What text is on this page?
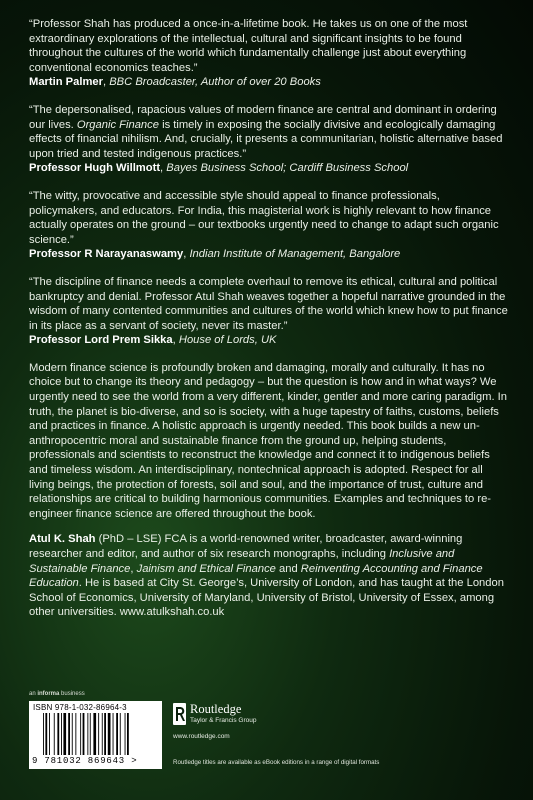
“Professor Shah has produced a once-in-a-lifetime book. He takes us on one of the most extraordinary explorations of the intellectual, cultural and significant insights to be found throughout the cultures of the world which fundamentally challenge just about everything conventional economics teaches.”

Martin Palmer, BBC Broadcaster, Author of over 20 Books

“The depersonalised, rapacious values of modern finance are central and dominant in ordering our lives. Organic Finance is timely in exposing the socially divisive and ecologically damaging effects of financial nihilism. And, crucially, it presents a communitarian, holistic alternative based upon tried and tested indigenous practices.”

Professor Hugh Willmott, Bayes Business School; Cardiff Business School

“The witty, provocative and accessible style should appeal to finance professionals, policymakers, and educators. For India, this magisterial work is highly relevant to how finance actually operates on the ground – our textbooks urgently need to change to adapt such organic science.”

Professor R Narayanaswamy, Indian Institute of Management, Bangalore

“The discipline of finance needs a complete overhaul to remove its ethical, cultural and political bankruptcy and denial. Professor Atul Shah weaves together a hopeful narrative grounded in the wisdom of many contented communities and cultures of the world which knew how to put finance in its place as a servant of society, never its master.”

Professor Lord Prem Sikka, House of Lords, UK

Modern finance science is profoundly broken and damaging, morally and culturally. It has no choice but to change its theory and pedagogy – but the question is how and in what ways? We urgently need to see the world from a very different, kinder, gentler and more caring paradigm. In truth, the planet is bio-diverse, and so is society, with a huge tapestry of faiths, customs, beliefs and practices in finance. A holistic approach is urgently needed. This book builds a new un-anthropocentric moral and sustainable finance from the ground up, helping students, professionals and scientists to reconstruct the knowledge and connect it to indigenous beliefs and timeless wisdom. An interdisciplinary, nontechnical approach is adopted. Respect for all living beings, the protection of forests, soil and soul, and the importance of trust, culture and relationships are critical to building harmonious communities. Examples and techniques to re-engineer finance science are offered throughout the book.

Atul K. Shah (PhD – LSE) FCA is a world-renowned writer, broadcaster, award-winning researcher and editor, and author of six research monographs, including Inclusive and Sustainable Finance, Jainism and Ethical Finance and Reinventing Accounting and Finance Education. He is based at City St. George’s, University of London, and has taught at the London School of Economics, University of Maryland, University of Bristol, University of Essex, among other universities. www.atulkshah.co.uk

an informa business
ISBN 978-1-032-86964-3
9 781032 869643 >
Routledge
Taylor & Francis Group
www.routledge.com
Routledge titles are available as eBook editions in a range of digital formats
